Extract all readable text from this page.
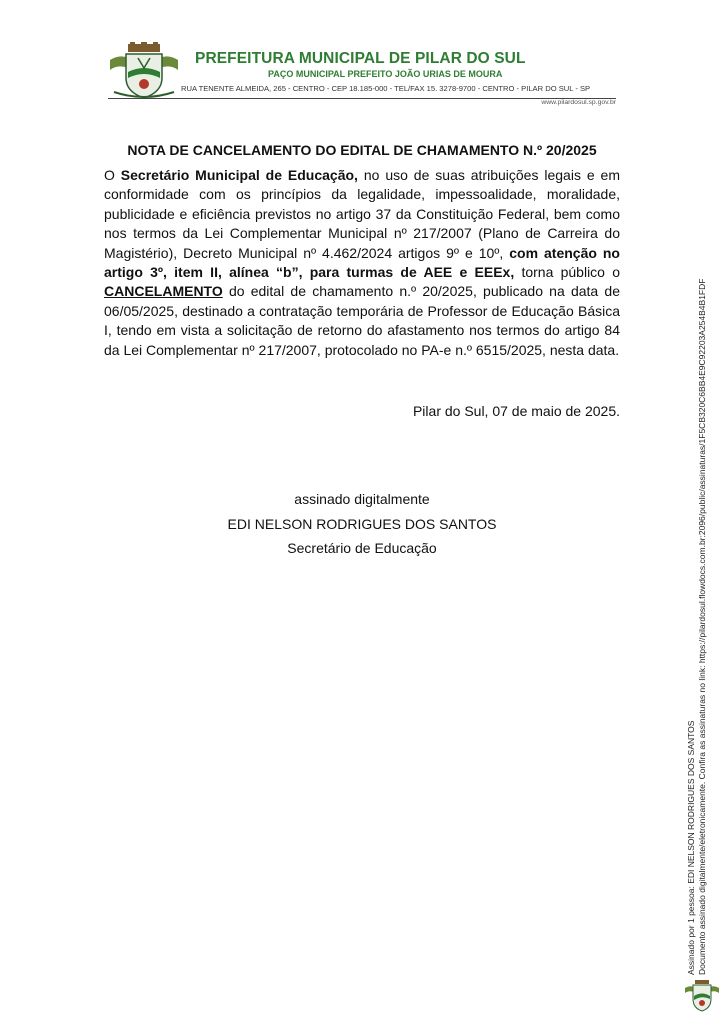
PREFEITURA MUNICIPAL DE PILAR DO SUL
PAÇO MUNICIPAL PREFEITO JOÃO URIAS DE MOURA
RUA TENENTE ALMEIDA, 265 - CENTRO - CEP 18.185-000 - TEL/FAX 15. 3278-9700 - CENTRO - PILAR DO SUL - SP
www.pilardosul.sp.gov.br
NOTA DE CANCELAMENTO DO EDITAL DE CHAMAMENTO N.º 20/2025

O Secretário Municipal de Educação, no uso de suas atribuições legais e em conformidade com os princípios da legalidade, impessoalidade, moralidade, publicidade e eficiência previstos no artigo 37 da Constituição Federal, bem como nos termos da Lei Complementar Municipal nº 217/2007 (Plano de Carreira do Magistério), Decreto Municipal nº 4.462/2024 artigos 9º e 10º, com atenção no artigo 3º, item II, alínea “b”, para turmas de AEE e EEEx, torna público o CANCELAMENTO do edital de chamamento n.º 20/2025, publicado na data de 06/05/2025, destinado a contratação temporária de Professor de Educação Básica I, tendo em vista a solicitação de retorno do afastamento nos termos do artigo 84 da Lei Complementar nº 217/2007, protocolado no PA-e n.º 6515/2025, nesta data.

Pilar do Sul, 07 de maio de 2025.
assinado digitalmente
EDI NELSON RODRIGUES DOS SANTOS
Secretário de Educação
Assinado por 1 pessoa: EDI NELSON RODRIGUES DOS SANTOS Documento assinado digitalmente/eletronicamente. Confira as assinaturas no link: https://pilardosul.flowdocs.com.br:2096/public/assinaturas/1F5CB320C6BB4E9C92203A254B4B1FDF
